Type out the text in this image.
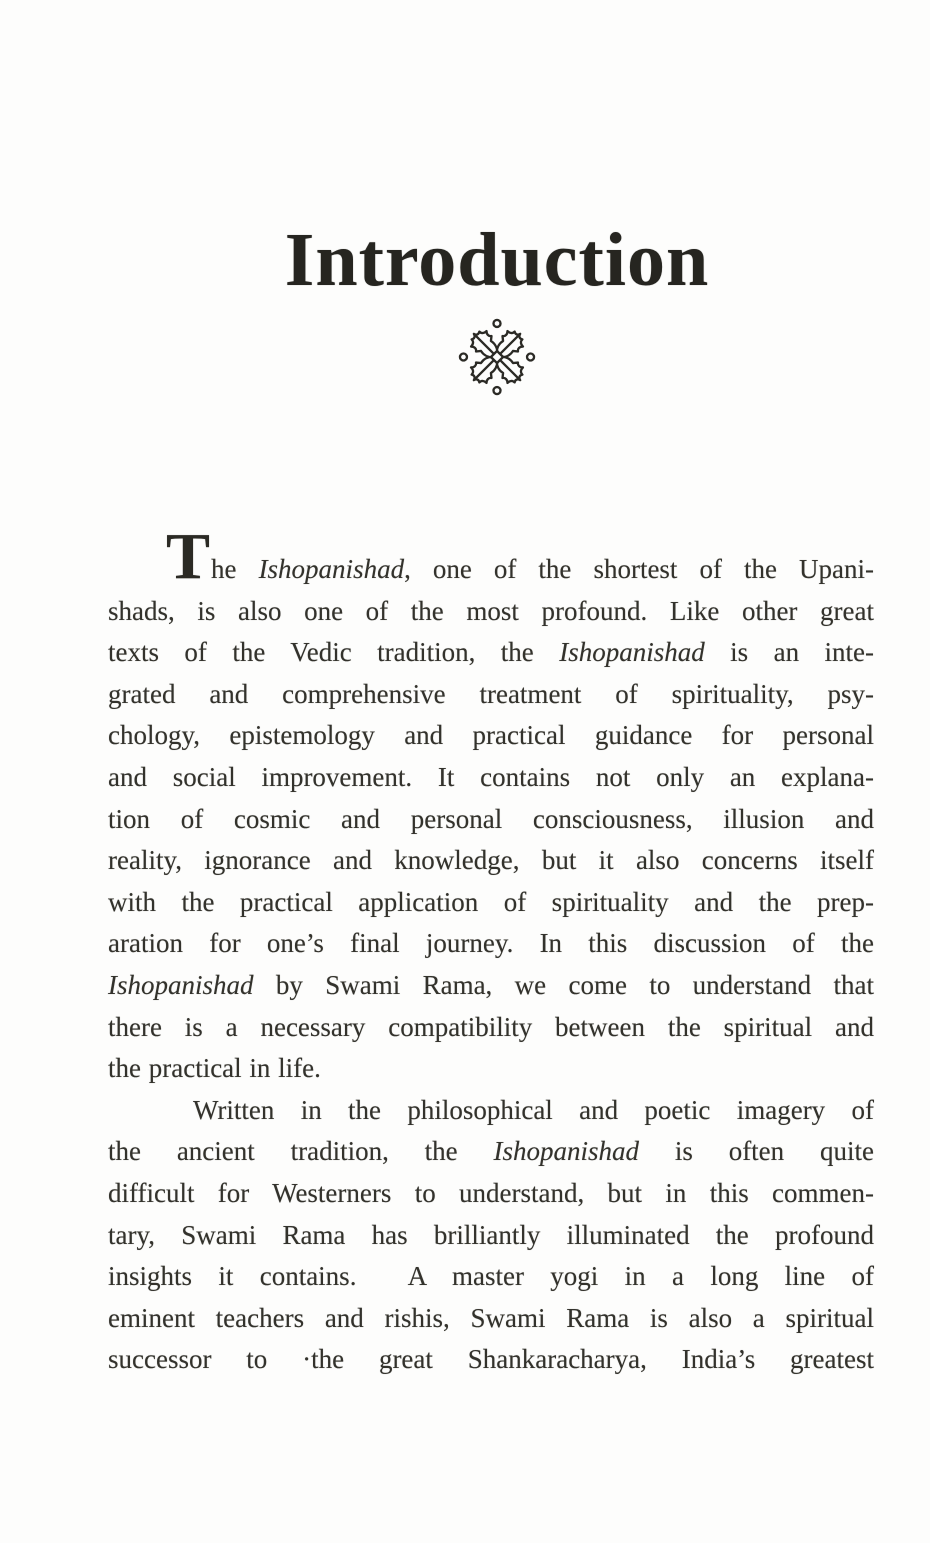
Introduction
The Ishopanishad, one of the shortest of the Upani-
shads, is also one of the most profound. Like other great
texts of the Vedic tradition, the Ishopanishad is an inte-
grated and comprehensive treatment of spirituality, psy-
chology, epistemology and practical guidance for personal
and social improvement. It contains not only an explana-
tion of cosmic and personal consciousness, illusion and
reality, ignorance and knowledge, but it also concerns itself
with the practical application of spirituality and the prep-
aration for one’s final journey. In this discussion of the
Ishopanishad by Swami Rama, we come to understand that
there is a necessary compatibility between the spiritual and
the practical in life.
Written in the philosophical and poetic imagery of
the ancient tradition, the Ishopanishad is often quite
difficult for Westerners to understand, but in this commen-
tary, Swami Rama has brilliantly illuminated the profound
insights it contains.  A master yogi in a long line of
eminent teachers and rishis, Swami Rama is also a spiritual
successor to ·the great Shankaracharya, India’s greatest
